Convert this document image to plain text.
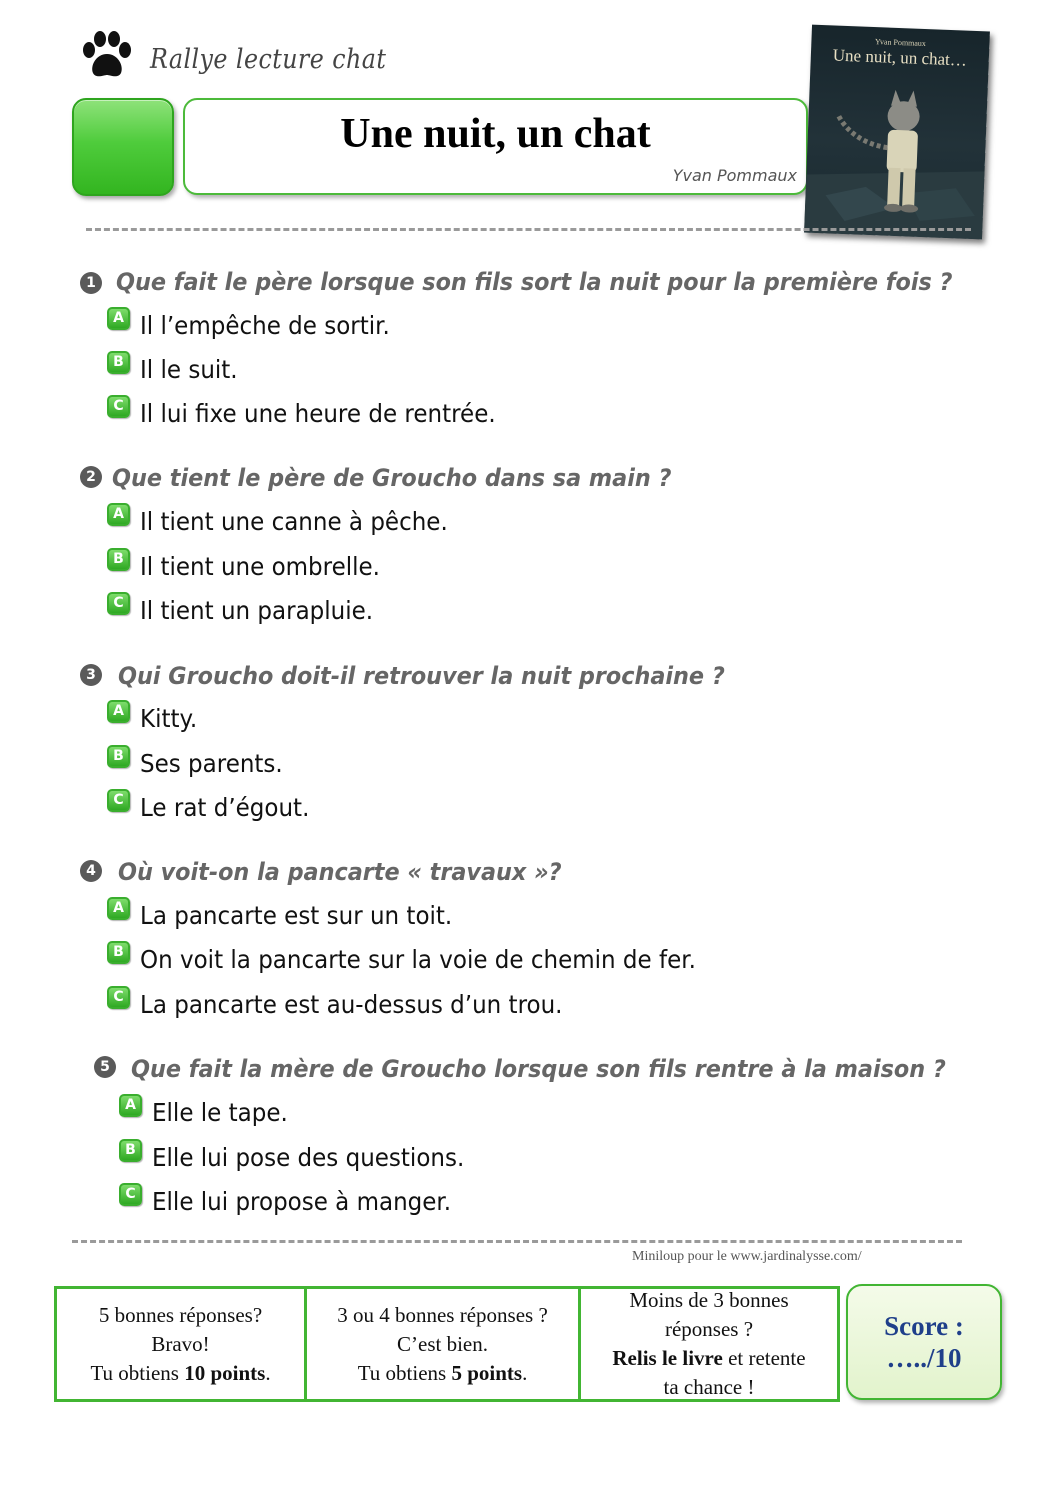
Rallye lecture chat
Une nuit, un chat
Yvan Pommaux
Yvan Pommaux
Une nuit, un chat…
1 Que fait le père lorsque son fils sort la nuit pour la première fois ?
A Il l’empêche de sortir.
B Il le suit.
C Il lui fixe une heure de rentrée.
2 Que tient le père de Groucho dans sa main ?
A Il tient une canne à pêche.
B Il tient une ombrelle.
C Il tient un parapluie.
3 Qui Groucho doit-il retrouver la nuit prochaine ?
A Kitty.
B Ses parents.
C Le rat d’égout.
4 Où voit-on la pancarte « travaux »?
A La pancarte est sur un toit.
B On voit la pancarte sur la voie de chemin de fer.
C La pancarte est au-dessus d’un trou.
5 Que fait la mère de Groucho lorsque son fils rentre à la maison ?
A Elle le tape.
B Elle lui pose des questions.
C Elle lui propose à manger.
Miniloup pour le www.jardinalysse.com/
5 bonnes réponses?
Bravo!
Tu obtiens 10 points.
3 ou 4 bonnes réponses ?
C’est bien.
Tu obtiens 5 points.
Moins de 3 bonnes
réponses ?
Relis le livre et retente
ta chance !
Score :
…../10
